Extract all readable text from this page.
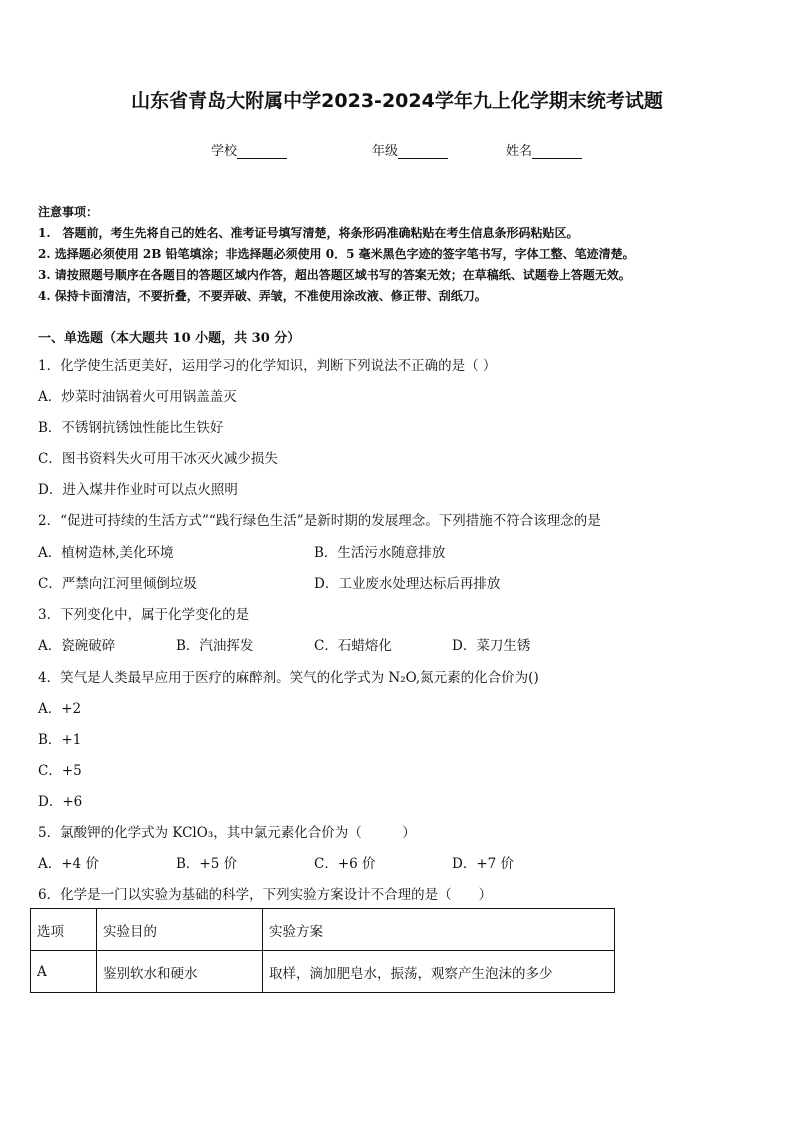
山东省青岛大附属中学2023-2024学年九上化学期末统考试题
学校	年级	姓名
注意事项：
1.　答题前，考生先将自己的姓名、准考证号填写清楚，将条形码准确粘贴在考生信息条形码粘贴区。
2. 选择题必须使用 2B 铅笔填涂；非选择题必须使用 0．5 毫米黑色字迹的签字笔书写，字体工整、笔迹清楚。
3. 请按照题号顺序在各题目的答题区域内作答，超出答题区域书写的答案无效；在草稿纸、试题卷上答题无效。
4. 保持卡面清洁，不要折叠，不要弄破、弄皱，不准使用涂改液、修正带、刮纸刀。
一、单选题（本大题共 10 小题，共 30 分）
1．化学使生活更美好，运用学习的化学知识，判断下列说法不正确的是（ ）
A．炒菜时油锅着火可用锅盖盖灭
B．不锈钢抗锈蚀性能比生铁好
C．图书资料失火可用干冰灭火减少损失
D．进入煤井作业时可以点火照明
2．“促进可持续的生活方式”“践行绿色生活”是新时期的发展理念。下列措施不符合该理念的是
A．植树造林,美化环境	B．生活污水随意排放
C．严禁向江河里倾倒垃圾	D．工业废水处理达标后再排放
3．下列变化中，属于化学变化的是
A．瓷碗破碎	B．汽油挥发	C．石蜡熔化	D．菜刀生锈
4．笑气是人类最早应用于医疗的麻醉剂。笑气的化学式为 N₂O,氮元素的化合价为()
A．+2
B．+1
C．+5
D．+6
5．氯酸钾的化学式为 KClO₃，其中氯元素化合价为（　　　）
A．+4 价	B．+5 价	C．+6 价	D．+7 价
6．化学是一门以实验为基础的科学，下列实验方案设计不合理的是（　　）
选项	实验目的	实验方案
A	鉴别软水和硬水	取样，滴加肥皂水，振荡，观察产生泡沫的多少
